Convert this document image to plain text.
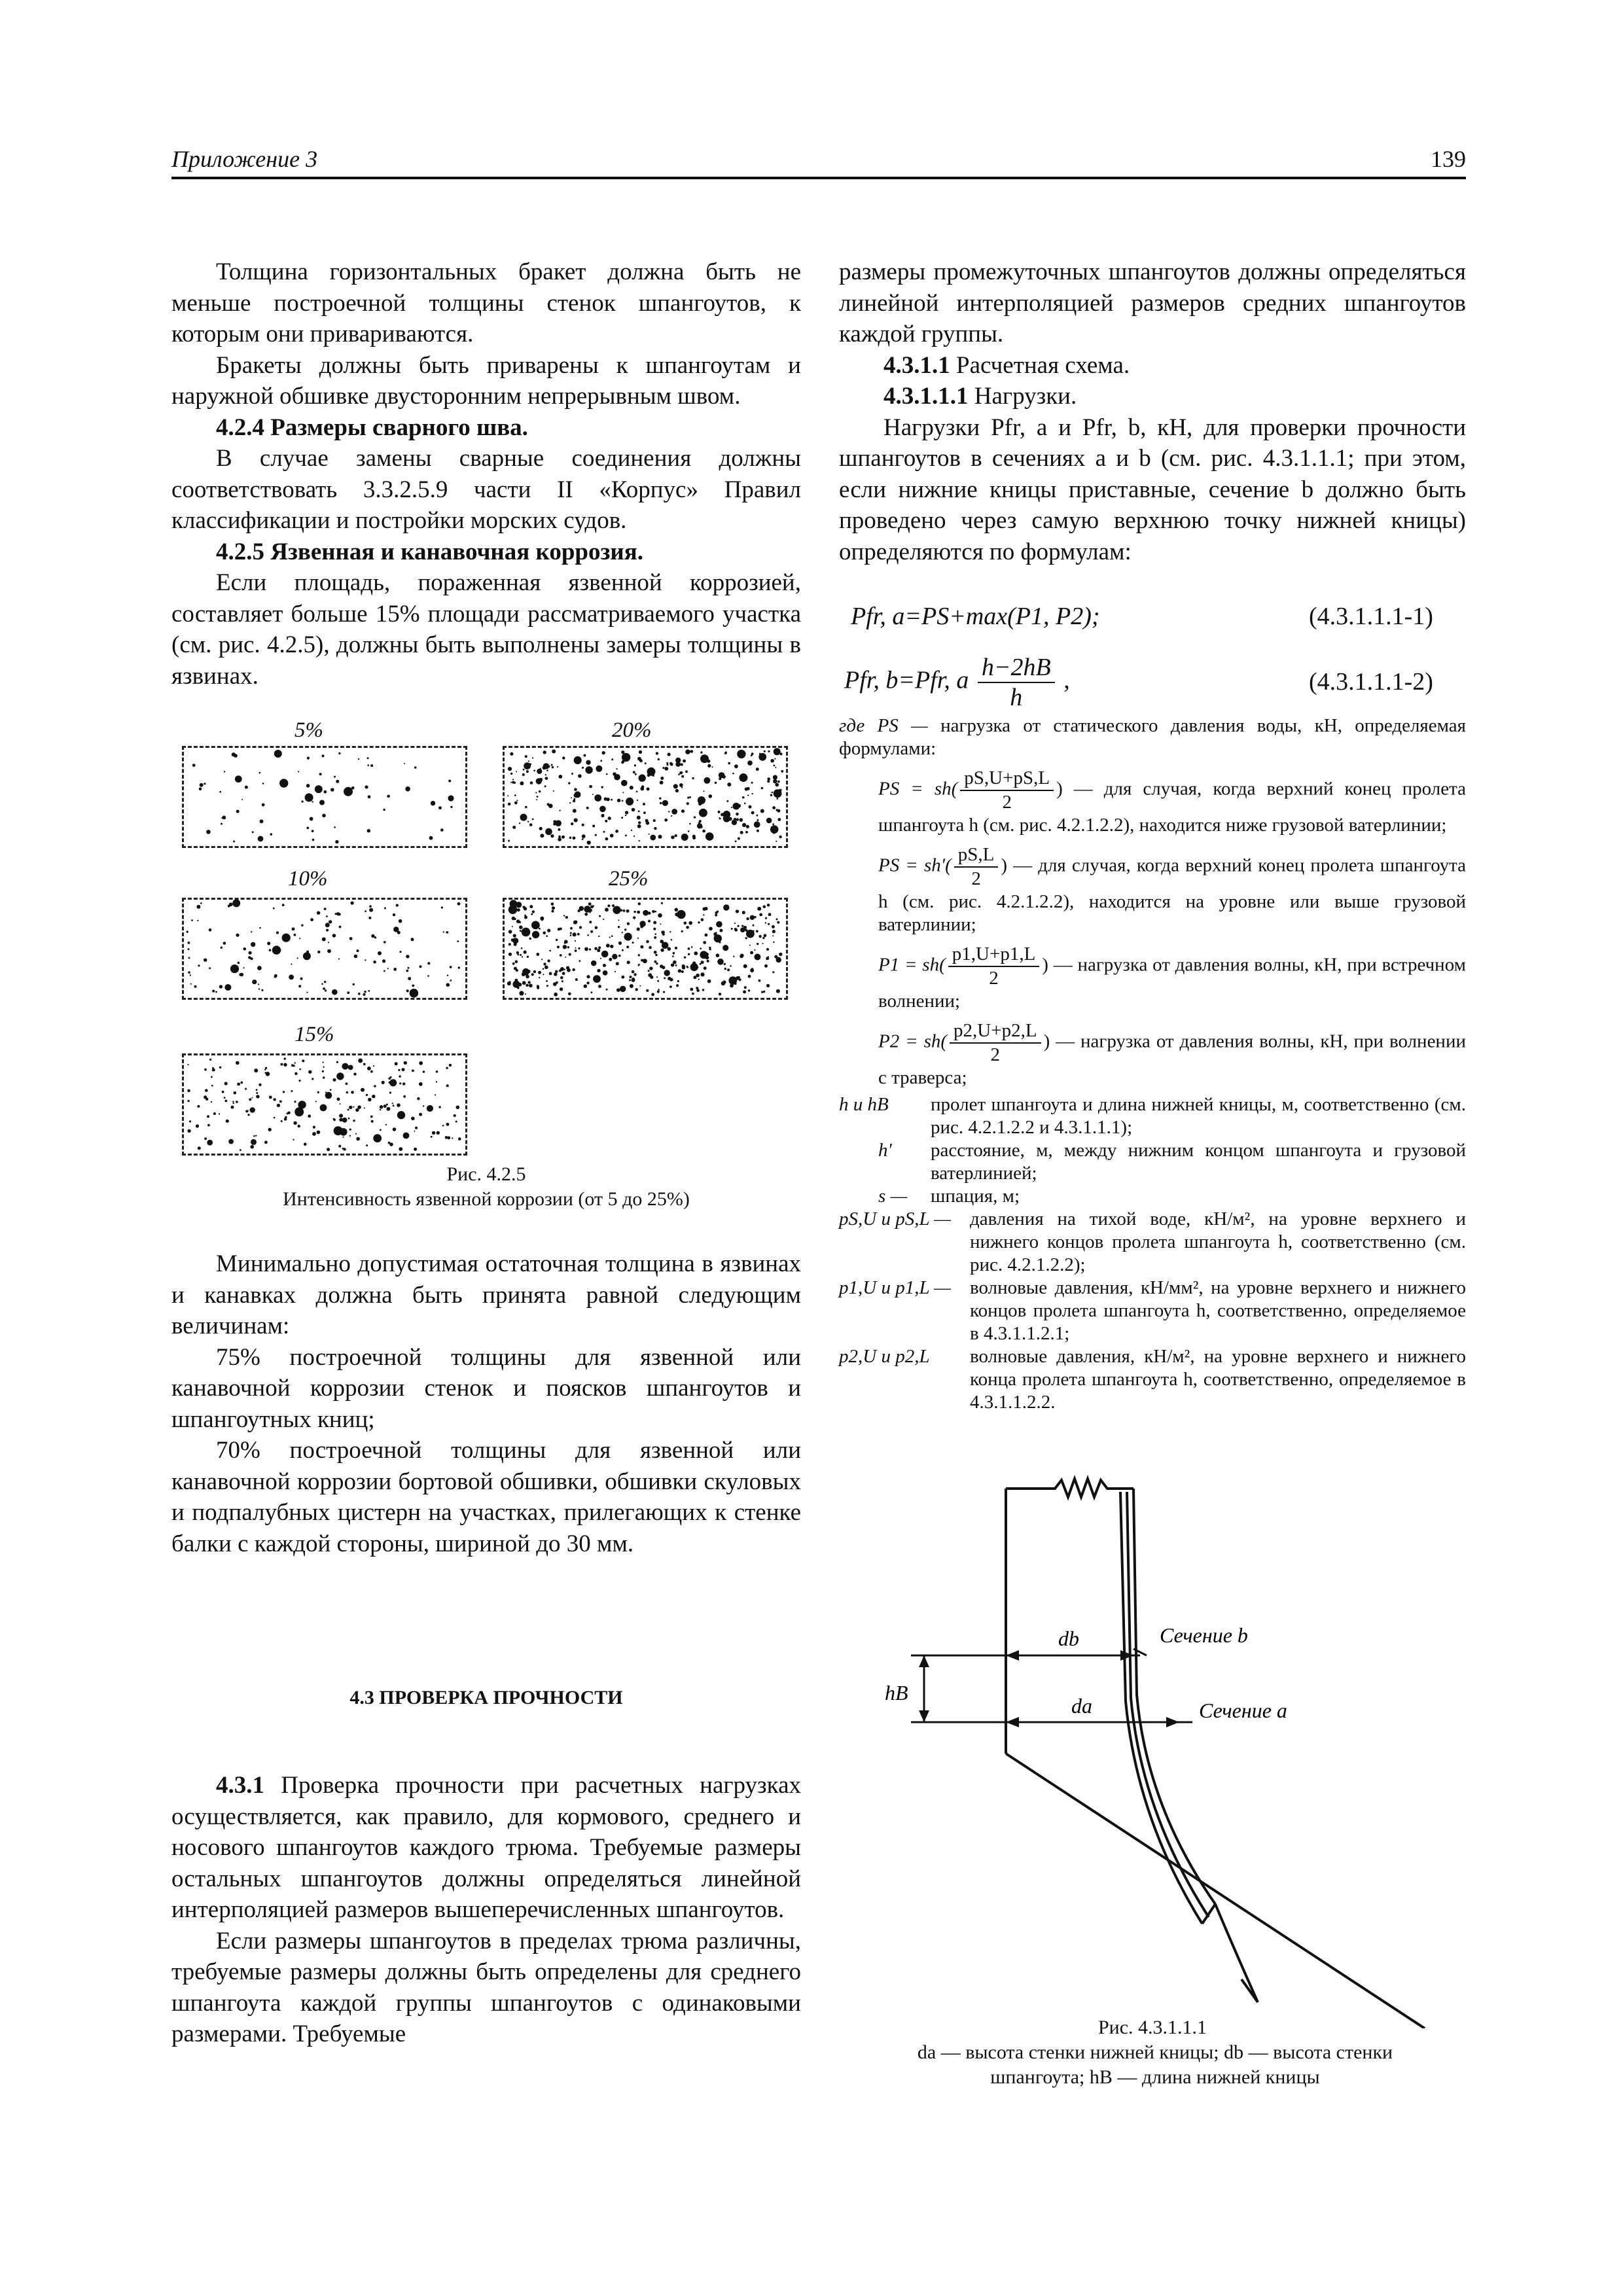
Приложение 3	139

Толщина горизонтальных бракет должна быть не меньше построечной толщины стенок шпангоутов, к которым они привариваются.

Бракеты должны быть приварены к шпангоутам и наружной обшивке двусторонним непрерывным швом.

4.2.4 Размеры сварного шва.

В случае замены сварные соединения должны соответствовать 3.3.2.5.9 части II «Корпус» Правил классификации и постройки морских судов.

4.2.5 Язвенная и канавочная коррозия.

Если площадь, пораженная язвенной коррозией, составляет больше 15% площади рассматриваемого участка (см. рис. 4.2.5), должны быть выполнены замеры толщины в язвинах.

5%	20%
10%	25%
15%
Рис. 4.2.5
Интенсивность язвенной коррозии (от 5 до 25%)

Минимально допустимая остаточная толщина в язвинах и канавках должна быть принята равной следующим величинам:

75% построечной толщины для язвенной или канавочной коррозии стенок и поясков шпангоутов и шпангоутных книц;

70% построечной толщины для язвенной или канавочной коррозии бортовой обшивки, обшивки скуловых и подпалубных цистерн на участках, прилегающих к стенке балки с каждой стороны, шириной до 30 мм.

4.3 ПРОВЕРКА ПРОЧНОСТИ

4.3.1 Проверка прочности при расчетных нагрузках осуществляется, как правило, для кормового, среднего и носового шпангоутов каждого трюма. Требуемые размеры остальных шпангоутов должны определяться линейной интерполяцией размеров вышеперечисленных шпангоутов.

Если размеры шпангоутов в пределах трюма различны, требуемые размеры должны быть определены для среднего шпангоута каждой группы шпангоутов с одинаковыми размерами. Требуемые

размеры промежуточных шпангоутов должны определяться линейной интерполяцией размеров средних шпангоутов каждой группы.

4.3.1.1 Расчетная схема.

4.3.1.1.1 Нагрузки.

Нагрузки Pfr, a и Pfr, b, кН, для проверки прочности шпангоутов в сечениях a и b (см. рис. 4.3.1.1.1; при этом, если нижние кницы приставные, сечение b должно быть проведено через самую верхнюю точку нижней кницы) определяются по формулам:

Pfr, a=PS+max(P1, P2);	(4.3.1.1.1-1)
Pfr, b=Pfr, a $\frac{h-2hB}{h}$ ,	(4.3.1.1.1-2)
где PS — нагрузка от статического давления воды, кН, определяемая формулами:
PS = $sh( \frac{pS,U+pS,L}{2}$ ) — для случая, когда верхний конец пролета шпангоута h (см. рис. 4.2.1.2.2), находится ниже грузовой ватерлинии;
PS = $sh'( \frac{pS,L}{2}$ ) — для случая, когда верхний конец пролета шпангоута h (см. рис. 4.2.1.2.2), находится на уровне или выше грузовой ватерлинии;
$P1 = sh( \frac{p1,U+p1,L}{2}$ ) — нагрузка от давления волны, кН, при встречном волнении;
$P2 = sh( \frac{p2,U+p2,L}{2}$ ) — нагрузка от давления волны, кН, при волнении с траверса;
h и hB пролет шпангоута и длина нижней кницы, м, соответственно (см. рис. 4.2.1.2.2 и 4.3.1.1.1);
h′ расстояние, м, между нижним концом шпангоута и грузовой ватерлинией;
s — шпация, м;
pS,U и pS,L — давления на тихой воде, кН/м², на уровне верхнего и нижнего концов пролета шпангоута h, соответственно (см. рис. 4.2.1.2.2);
p1,U и p1,L — волновые давления, кН/мм², на уровне верхнего и нижнего концов пролета шпангоута h, соответственно, определяемое в 4.3.1.1.2.1;
p2,U и p2,L волновые давления, кН/м², на уровне верхнего и нижнего конца пролета шпангоута h, соответственно, определяемое в 4.3.1.1.2.2.
db
da
hB
Сечение b
Сечение a
Рис. 4.3.1.1.1
da — высота стенки нижней кницы; db — высота стенки шпангоута; hB — длина нижней кницы
